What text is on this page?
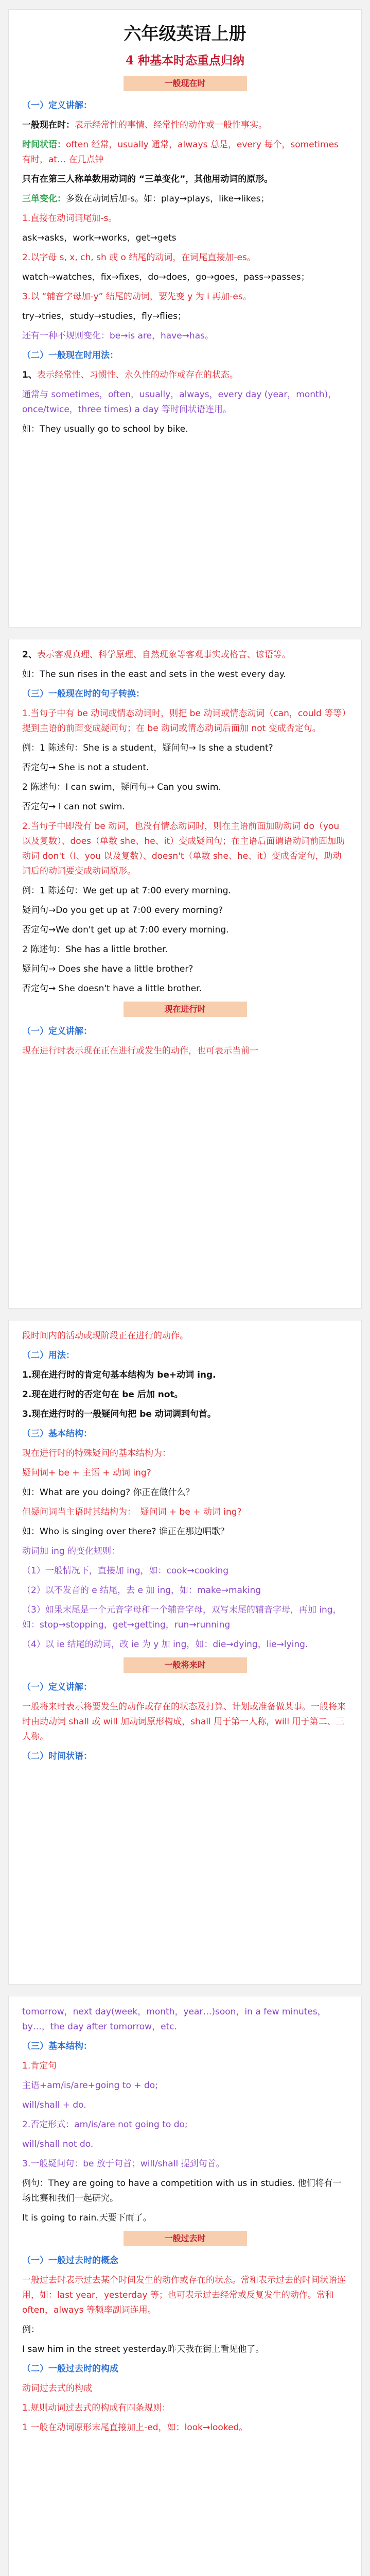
六年级英语上册
4 种基本时态重点归纳
一般现在时
（一）定义讲解：
一般现在时：表示经常性的事情、经常性的动作或一般性事实。
时间状语：often 经常，usually 通常，always 总是，every 每个，sometimes 有时，at… 在几点钟
只有在第三人称单数用动词的 “三单变化”，其他用动词的原形。
三单变化：多数在动词后加-s。如：play→plays，like→likes；
1.直接在动词词尾加-s。
ask→asks，work→works，get→gets
2.以字母 s, x, ch, sh 或 o 结尾的动词，在词尾直接加-es。
watch→watches，fix→fixes，do→does，go→goes，pass→passes；
3.以 “辅音字母加-y” 结尾的动词，要先变 y 为 i 再加-es。
try→tries，study→studies，fly→flies；
还有一种不规则变化：be→is are，have→has。
（二）一般现在时用法：
1、表示经常性、习惯性、永久性的动作或存在的状态。
通常与 sometimes，often，usually，always，every day (year，month)，once/twice，three times) a day 等时间状语连用。
如：They usually go to school by bike.
2、表示客观真理、科学原理、自然现象等客观事实或格言、谚语等。
如：The sun rises in the east and sets in the west every day.
（三）一般现在时的句子转换：
1.当句子中有 be 动词或情态动词时，则把 be 动词或情态动词（can，could 等等）提到主语的前面变成疑问句；在 be 动词或情态动词后面加 not 变成否定句。
例：1 陈述句：She is a student，疑问句→ Is she a student?
否定句→ She is not a student.
2 陈述句：I can swim，疑问句→ Can you swim.
否定句→ I can not swim.
2.当句子中即没有 be 动词，也没有情态动词时，则在主语前面加助动词 do（you 以及复数）、does（单数 she、he、it）变成疑问句；在主语后面谓语动词前面加助动词 don't（I、you 以及复数）、doesn't（单数 she、he、it）变成否定句，助动词后的动词要变成动词原形。
例：1 陈述句：We get up at 7:00 every morning.
疑问句→Do you get up at 7:00 every morning?
否定句→We don't get up at 7:00 every morning.
2 陈述句：She has a little brother.
疑问句→ Does she have a little brother?
否定句→ She doesn't have a little brother.
现在进行时
（一）定义讲解：
现在进行时表示现在正在进行或发生的动作，也可表示当前一
段时间内的活动或现阶段正在进行的动作。
（二）用法：
1.现在进行时的肯定句基本结构为 be+动词 ing.
2.现在进行时的否定句在 be 后加 not。
3.现在进行时的一般疑问句把 be 动词调到句首。
（三）基本结构：
现在进行时的特殊疑问的基本结构为：
疑问词+ be + 主语 + 动词 ing?
如：What are you doing? 你正在做什么？
但疑问词当主语时其结构为：　疑问词 + be + 动词 ing?
如：Who is singing over there? 谁正在那边唱歌？
动词加 ing 的变化规则：
（1）一般情况下，直接加 ing，如：cook→cooking
（2）以不发音的 e 结尾，去 e 加 ing，如：make→making
（3）如果末尾是一个元音字母和一个辅音字母，双写末尾的辅音字母，再加 ing，如：stop→stopping，get→getting，run→running
（4）以 ie 结尾的动词，改 ie 为 y 加 ing，如：die→dying，lie→lying.
一般将来时
（一）定义讲解：
一般将来时表示将要发生的动作或存在的状态及打算、计划或准备做某事。一般将来时由助动词 shall 或 will 加动词原形构成，shall 用于第一人称，will 用于第二、三人称。
（二）时间状语：
tomorrow，next day(week，month，year…)soon，in a few minutes，by…，the day after tomorrow，etc.
（三）基本结构：
1.肯定句
主语+am/is/are+going to + do;
will/shall + do.
2.否定形式：am/is/are not going to do;
will/shall not do.
3.一般疑问句：be 放于句首；will/shall 提到句首。
例句：They are going to have a competition with us in studies. 他们将有一场比赛和我们一起研究。
It is going to rain.天要下雨了。
一般过去时
（一）一般过去时的概念
一般过去时表示过去某个时间发生的动作或存在的状态。常和表示过去的时间状语连用，如：last year，yesterday 等；也可表示过去经常或反复发生的动作。常和 often，always 等频率副词连用。
例：
I saw him in the street yesterday.昨天我在街上看见他了。
（二）一般过去时的构成
动词过去式的构成
1.规则动词过去式的构成有四条规则：
1 一般在动词原形末尾直接加上-ed，如：look→looked。
